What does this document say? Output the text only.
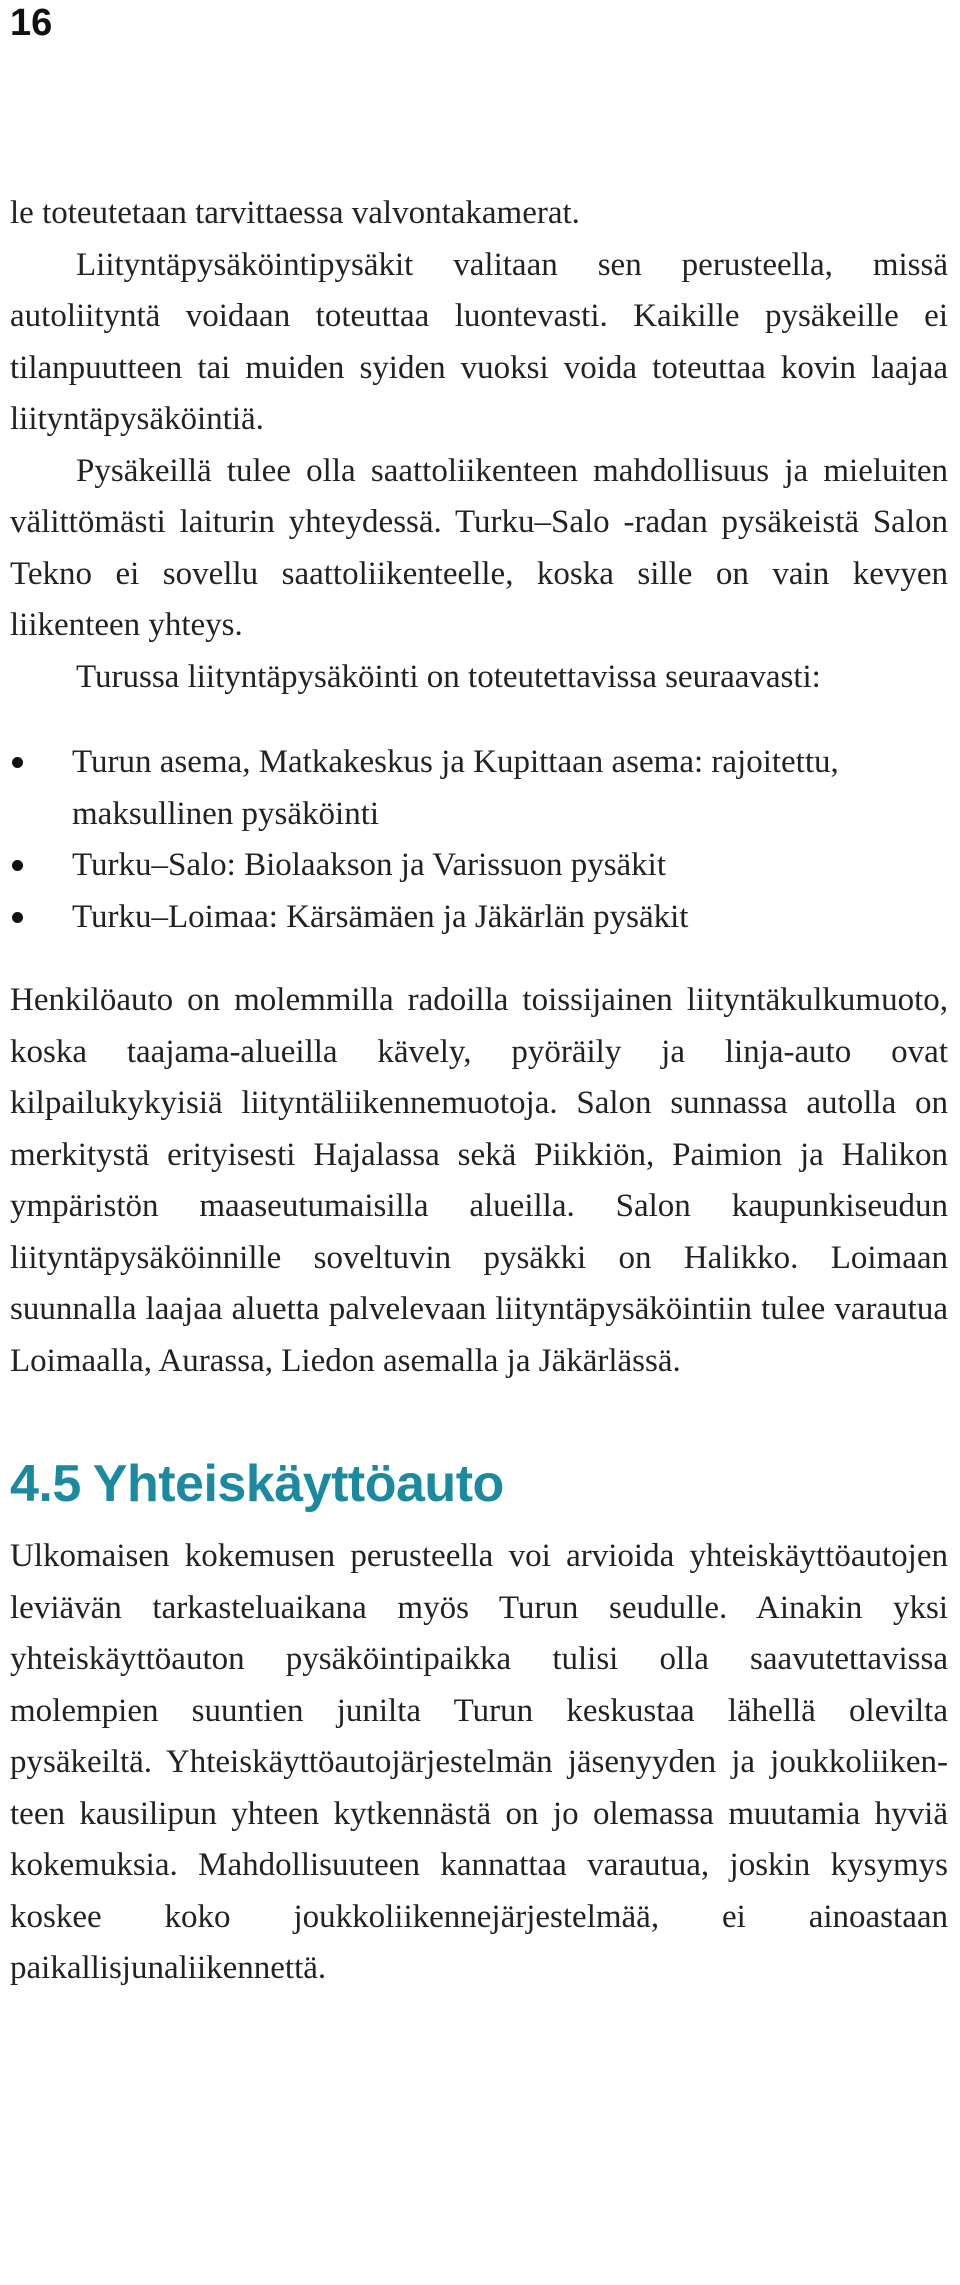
16

le toteutetaan tarvittaessa valvontakamerat.

Liityntäpysäköintipysäkit valitaan sen perusteella, missä autoliityntä voidaan toteuttaa luontevasti. Kaikille pysäkeille ei tilanpuutteen tai muiden syiden vuoksi voida toteuttaa kovin laajaa liityntäpysäköintiä.

Pysäkeillä tulee olla saattoliikenteen mahdollisuus ja mieluiten välittömästi laiturin yhteydessä. Turku–Salo -radan pysäkeistä Salon Tekno ei sovellu saattoliikenteelle, koska sille on vain kevyen liikenteen yhteys.

Turussa liityntäpysäköinti on toteutettavissa seuraavasti:

Turun asema, Matkakeskus ja Kupittaan asema: rajoitettu, maksullinen pysäköinti
Turku–Salo: Biolaakson ja Varissuon pysäkit
Turku–Loimaa: Kärsämäen ja Jäkärlän pysäkit

Henkilöauto on molemmilla radoilla toissijainen liityntäkulkumuoto, koska taajama-alueilla kävely, pyöräily ja linja-auto ovat kilpailukykyisiä liityntäliikennemuotoja. Salon sunnassa autolla on merkitystä erityisesti Hajalassa sekä Piikkiön, Paimion ja Halikon ympäristön maaseutumaisilla alueilla. Salon kaupunkiseudun liityntäpysäköinnille soveltuvin pysäkki on Halikko. Loimaan suunnalla laajaa aluetta palvelevaan liityntäpysäköintiin tulee varautua Loimaalla, Aurassa, Liedon asemalla ja Jäkärlässä.

4.5 Yhteiskäyttöauto

Ulkomaisen kokemusen perusteella voi arvioida yhteiskäyttöautojen leviävän tarkasteluaikana myös Turun seudulle. Ainakin yksi yhteiskäyttöauton pysäköintipaikka tulisi olla saavutettavissa molempien suuntien junilta Turun keskustaa lähellä olevilta pysäkeiltä. Yhteiskäyttöautojärjestelmän jäsenyyden ja joukkoliikenteen kausilipun yhteen kytkennästä on jo olemassa muutamia hyviä kokemuksia. Mahdollisuuteen kannattaa varautua, joskin kysymys koskee koko joukkoliikennejärjestelmää, ei ainoastaan paikallisjunaliikennettä.
